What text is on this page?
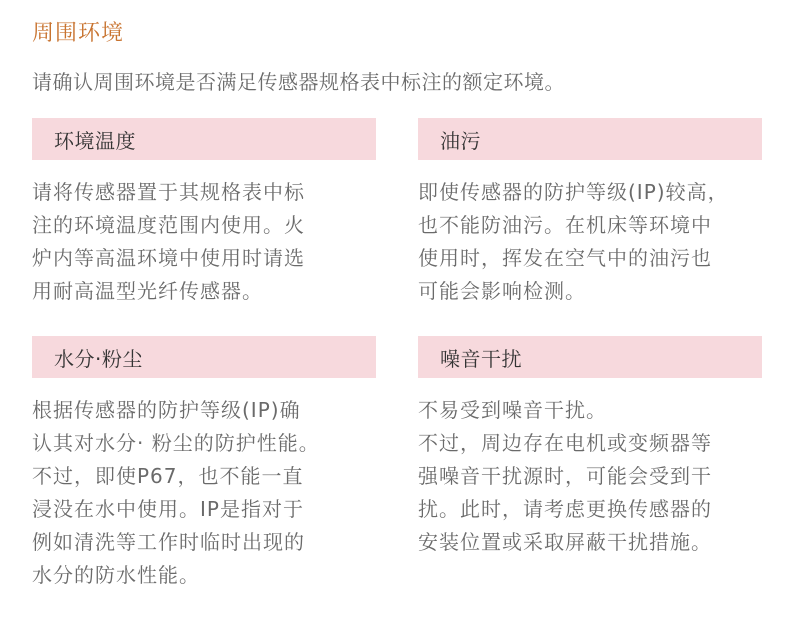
周围环境
请确认周围环境是否满足传感器规格表中标注的额定环境。
环境温度
请将传感器置于其规格表中标
注的环境温度范围内使用。火
炉内等高温环境中使用时请选
用耐高温型光纤传感器。
油污
即使传感器的防护等级(IP)较高，
也不能防油污。在机床等环境中
使用时，挥发在空气中的油污也
可能会影响检测。
水分·粉尘
根据传感器的防护等级(IP)确
认其对水分· 粉尘的防护性能。
不过，即使P67，也不能一直
浸没在水中使用。IP是指对于
例如清洗等工作时临时出现的
水分的防水性能。
噪音干扰
不易受到噪音干扰。
不过，周边存在电机或变频器等
强噪音干扰源时，可能会受到干
扰。此时，请考虑更换传感器的
安装位置或采取屏蔽干扰措施。
